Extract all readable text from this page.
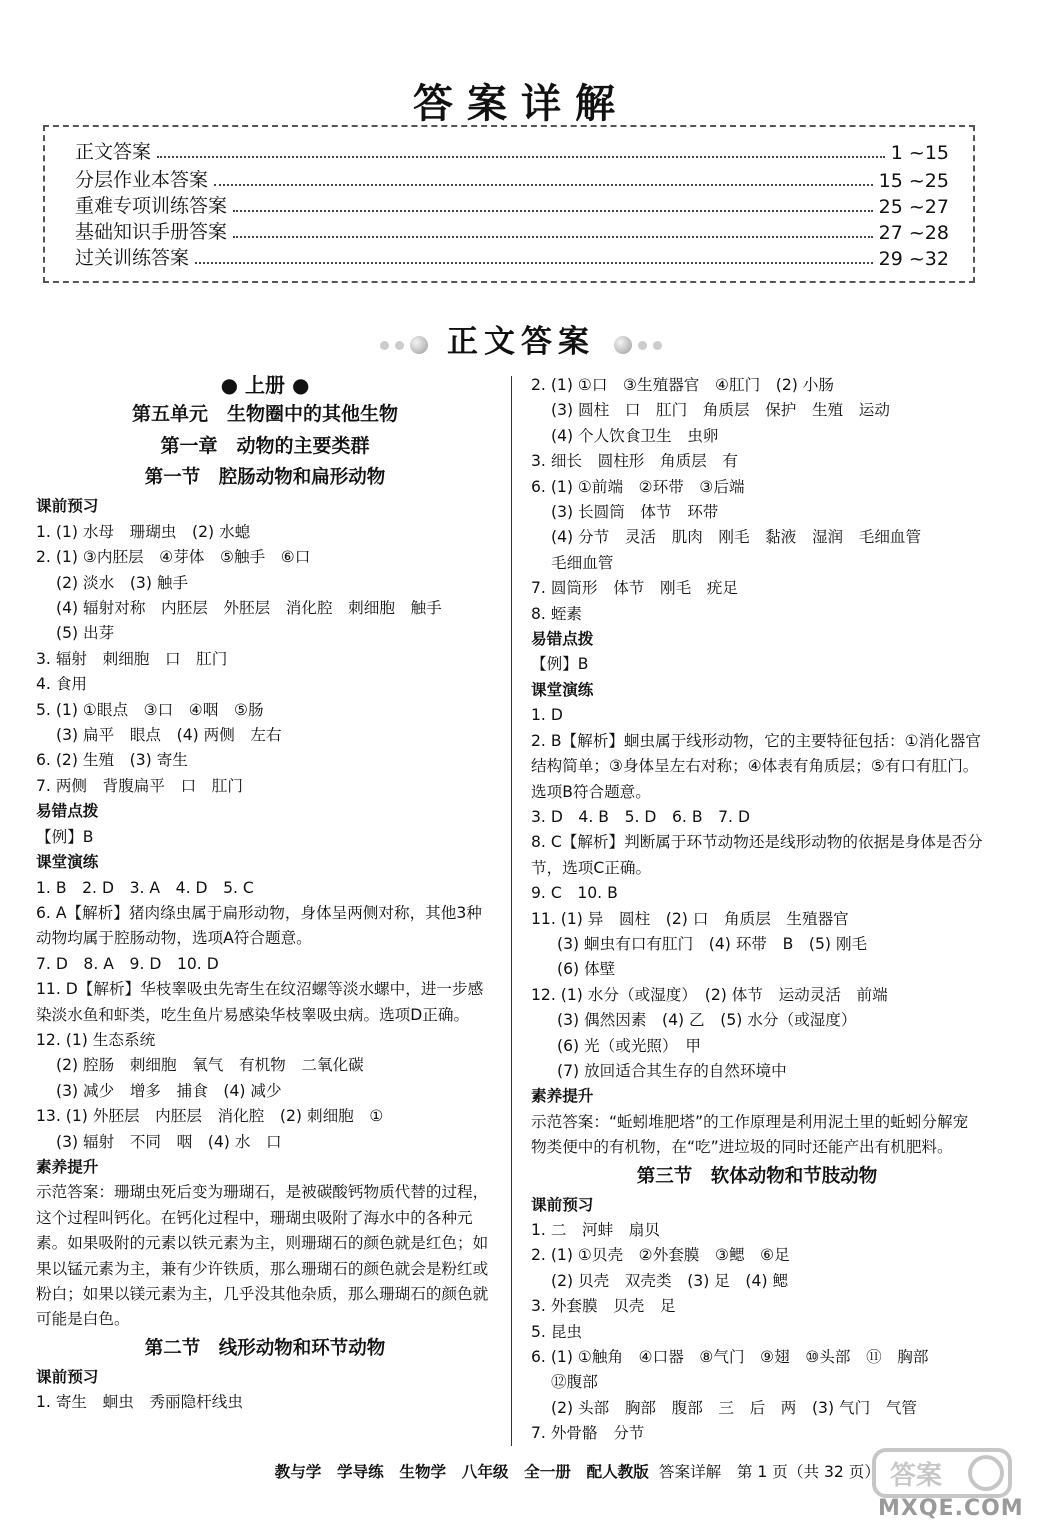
答案详解
正文答案	1 ~15
分层作业本答案	15 ~25
重难专项训练答案	25 ~27
基础知识手册答案	27 ~28
过关训练答案	29 ~32
正文答案
● 上册 ●
第五单元　生物圈中的其他生物
第一章　动物的主要类群
第一节　腔肠动物和扁形动物
课前预习
1. (1) 水母　珊瑚虫　(2) 水螅
2. (1) ③内胚层　④芽体　⑤触手　⑥口
(2) 淡水　(3) 触手
(4) 辐射对称　内胚层　外胚层　消化腔　刺细胞　触手
(5) 出芽
3. 辐射　刺细胞　口　肛门
4. 食用
5. (1) ①眼点　③口　④咽　⑤肠
(3) 扁平　眼点　(4) 两侧　左右
6. (2) 生殖　(3) 寄生
7. 两侧　背腹扁平　口　肛门
易错点拨
【例】B
课堂演练
1. B　2. D　3. A　4. D　5. C
6. A【解析】猪肉绦虫属于扁形动物，身体呈两侧对称，其他3种动物均属于腔肠动物，选项A符合题意。
7. D　8. A　9. D　10. D
11. D【解析】华枝睾吸虫先寄生在纹沼螺等淡水螺中，进一步感染淡水鱼和虾类，吃生鱼片易感染华枝睾吸虫病。选项D正确。
12. (1) 生态系统
(2) 腔肠　刺细胞　氧气　有机物　二氧化碳
(3) 减少　增多　捕食　(4) 减少
13. (1) 外胚层　内胚层　消化腔　(2) 刺细胞　①
(3) 辐射　不同　咽　(4) 水　口
素养提升
示范答案：珊瑚虫死后变为珊瑚石，是被碳酸钙物质代替的过程，这个过程叫钙化。在钙化过程中，珊瑚虫吸附了海水中的各种元素。如果吸附的元素以铁元素为主，则珊瑚石的颜色就是红色；如果以锰元素为主，兼有少许铁质，那么珊瑚石的颜色就会是粉红或粉白；如果以镁元素为主，几乎没其他杂质，那么珊瑚石的颜色就可能是白色。
第二节　线形动物和环节动物
课前预习
1. 寄生　蛔虫　秀丽隐杆线虫
2. (1) ①口　③生殖器官　④肛门　(2) 小肠
(3) 圆柱　口　肛门　角质层　保护　生殖　运动
(4) 个人饮食卫生　虫卵
3. 细长　圆柱形　角质层　有
6. (1) ①前端　②环带　③后端
(3) 长圆筒　体节　环带
(4) 分节　灵活　肌肉　刚毛　黏液　湿润　毛细血管
毛细血管
7. 圆筒形　体节　刚毛　疣足
8. 蛭素
易错点拨
【例】B
课堂演练
1. D
2. B【解析】蛔虫属于线形动物，它的主要特征包括：①消化器官结构简单；③身体呈左右对称；④体表有角质层；⑤有口有肛门。选项B符合题意。
3. D　4. B　5. D　6. B　7. D
8. C【解析】判断属于环节动物还是线形动物的依据是身体是否分节，选项C正确。
9. C　10. B
11. (1) 异　圆柱　(2) 口　角质层　生殖器官
(3) 蛔虫有口有肛门　(4) 环带　B　(5) 刚毛
(6) 体壁
12. (1) 水分（或湿度）　(2) 体节　运动灵活　前端
(3) 偶然因素　(4) 乙　(5) 水分（或湿度）
(6) 光（或光照）　甲
(7) 放回适合其生存的自然环境中
素养提升
示范答案：“蚯蚓堆肥塔”的工作原理是利用泥土里的蚯蚓分解宠物类便中的有机物，在“吃”进垃圾的同时还能产出有机肥料。
第三节　软体动物和节肢动物
课前预习
1. 二　河蚌　扇贝
2. (1) ①贝壳　②外套膜　③鳃　⑥足
(2) 贝壳　双壳类　(3) 足　(4) 鳃
3. 外套膜　贝壳　足
5. 昆虫
6. (1) ①触角　④口器　⑧气门　⑨翅　⑩头部　⑪　胸部
⑫腹部
(2) 头部　胸部　腹部　三　后　两　(3) 气门　气管
7. 外骨骼　分节
教与学　学导练　生物学　八年级　全一册　配人教版 答案详解　第 1 页（共 32 页） 答案
MXQE.COM
